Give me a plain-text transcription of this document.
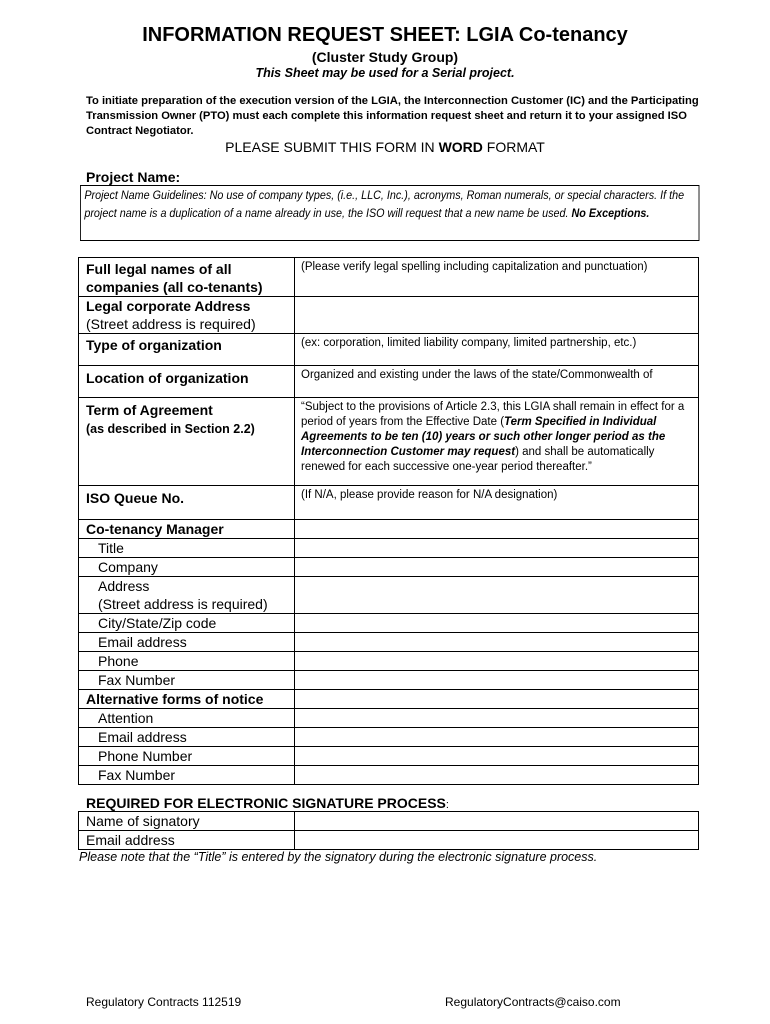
INFORMATION REQUEST SHEET: LGIA Co-tenancy
(Cluster Study Group)
This Sheet may be used for a Serial project.
To initiate preparation of the execution version of the LGIA, the Interconnection Customer (IC) and the Participating Transmission Owner (PTO) must each complete this information request sheet and return it to your assigned ISO Contract Negotiator.
PLEASE SUBMIT THIS FORM IN WORD FORMAT
Project Name:
Project Name Guidelines: No use of company types, (i.e., LLC, Inc.), acronyms, Roman numerals, or special characters. If the project name is a duplication of a name already in use, the ISO will request that a new name be used. No Exceptions.
Full legal names of all companies (all co-tenants)	(Please verify legal spelling including capitalization and punctuation)
Legal corporate Address
(Street address is required)	
Type of organization	(ex: corporation, limited liability company, limited partnership, etc.)
Location of organization	Organized and existing under the laws of the state/Commonwealth of
Term of Agreement
(as described in Section 2.2)	“Subject to the provisions of Article 2.3, this LGIA shall remain in effect for a period of years from the Effective Date (Term Specified in Individual Agreements to be ten (10) years or such other longer period as the Interconnection Customer may request) and shall be automatically renewed for each successive one-year period thereafter.”
ISO Queue No.	(If N/A, please provide reason for N/A designation)
Co-tenancy Manager	
Title	
Company	
Address
(Street address is required)	
City/State/Zip code	
Email address	
Phone	
Fax Number	
Alternative forms of notice	
Attention	
Email address	
Phone Number	
Fax Number	
REQUIRED FOR ELECTRONIC SIGNATURE PROCESS:
Name of signatory	
Email address	
Please note that the “Title” is entered by the signatory during the electronic signature process.
Regulatory Contracts 112519	RegulatoryContracts@caiso.com
